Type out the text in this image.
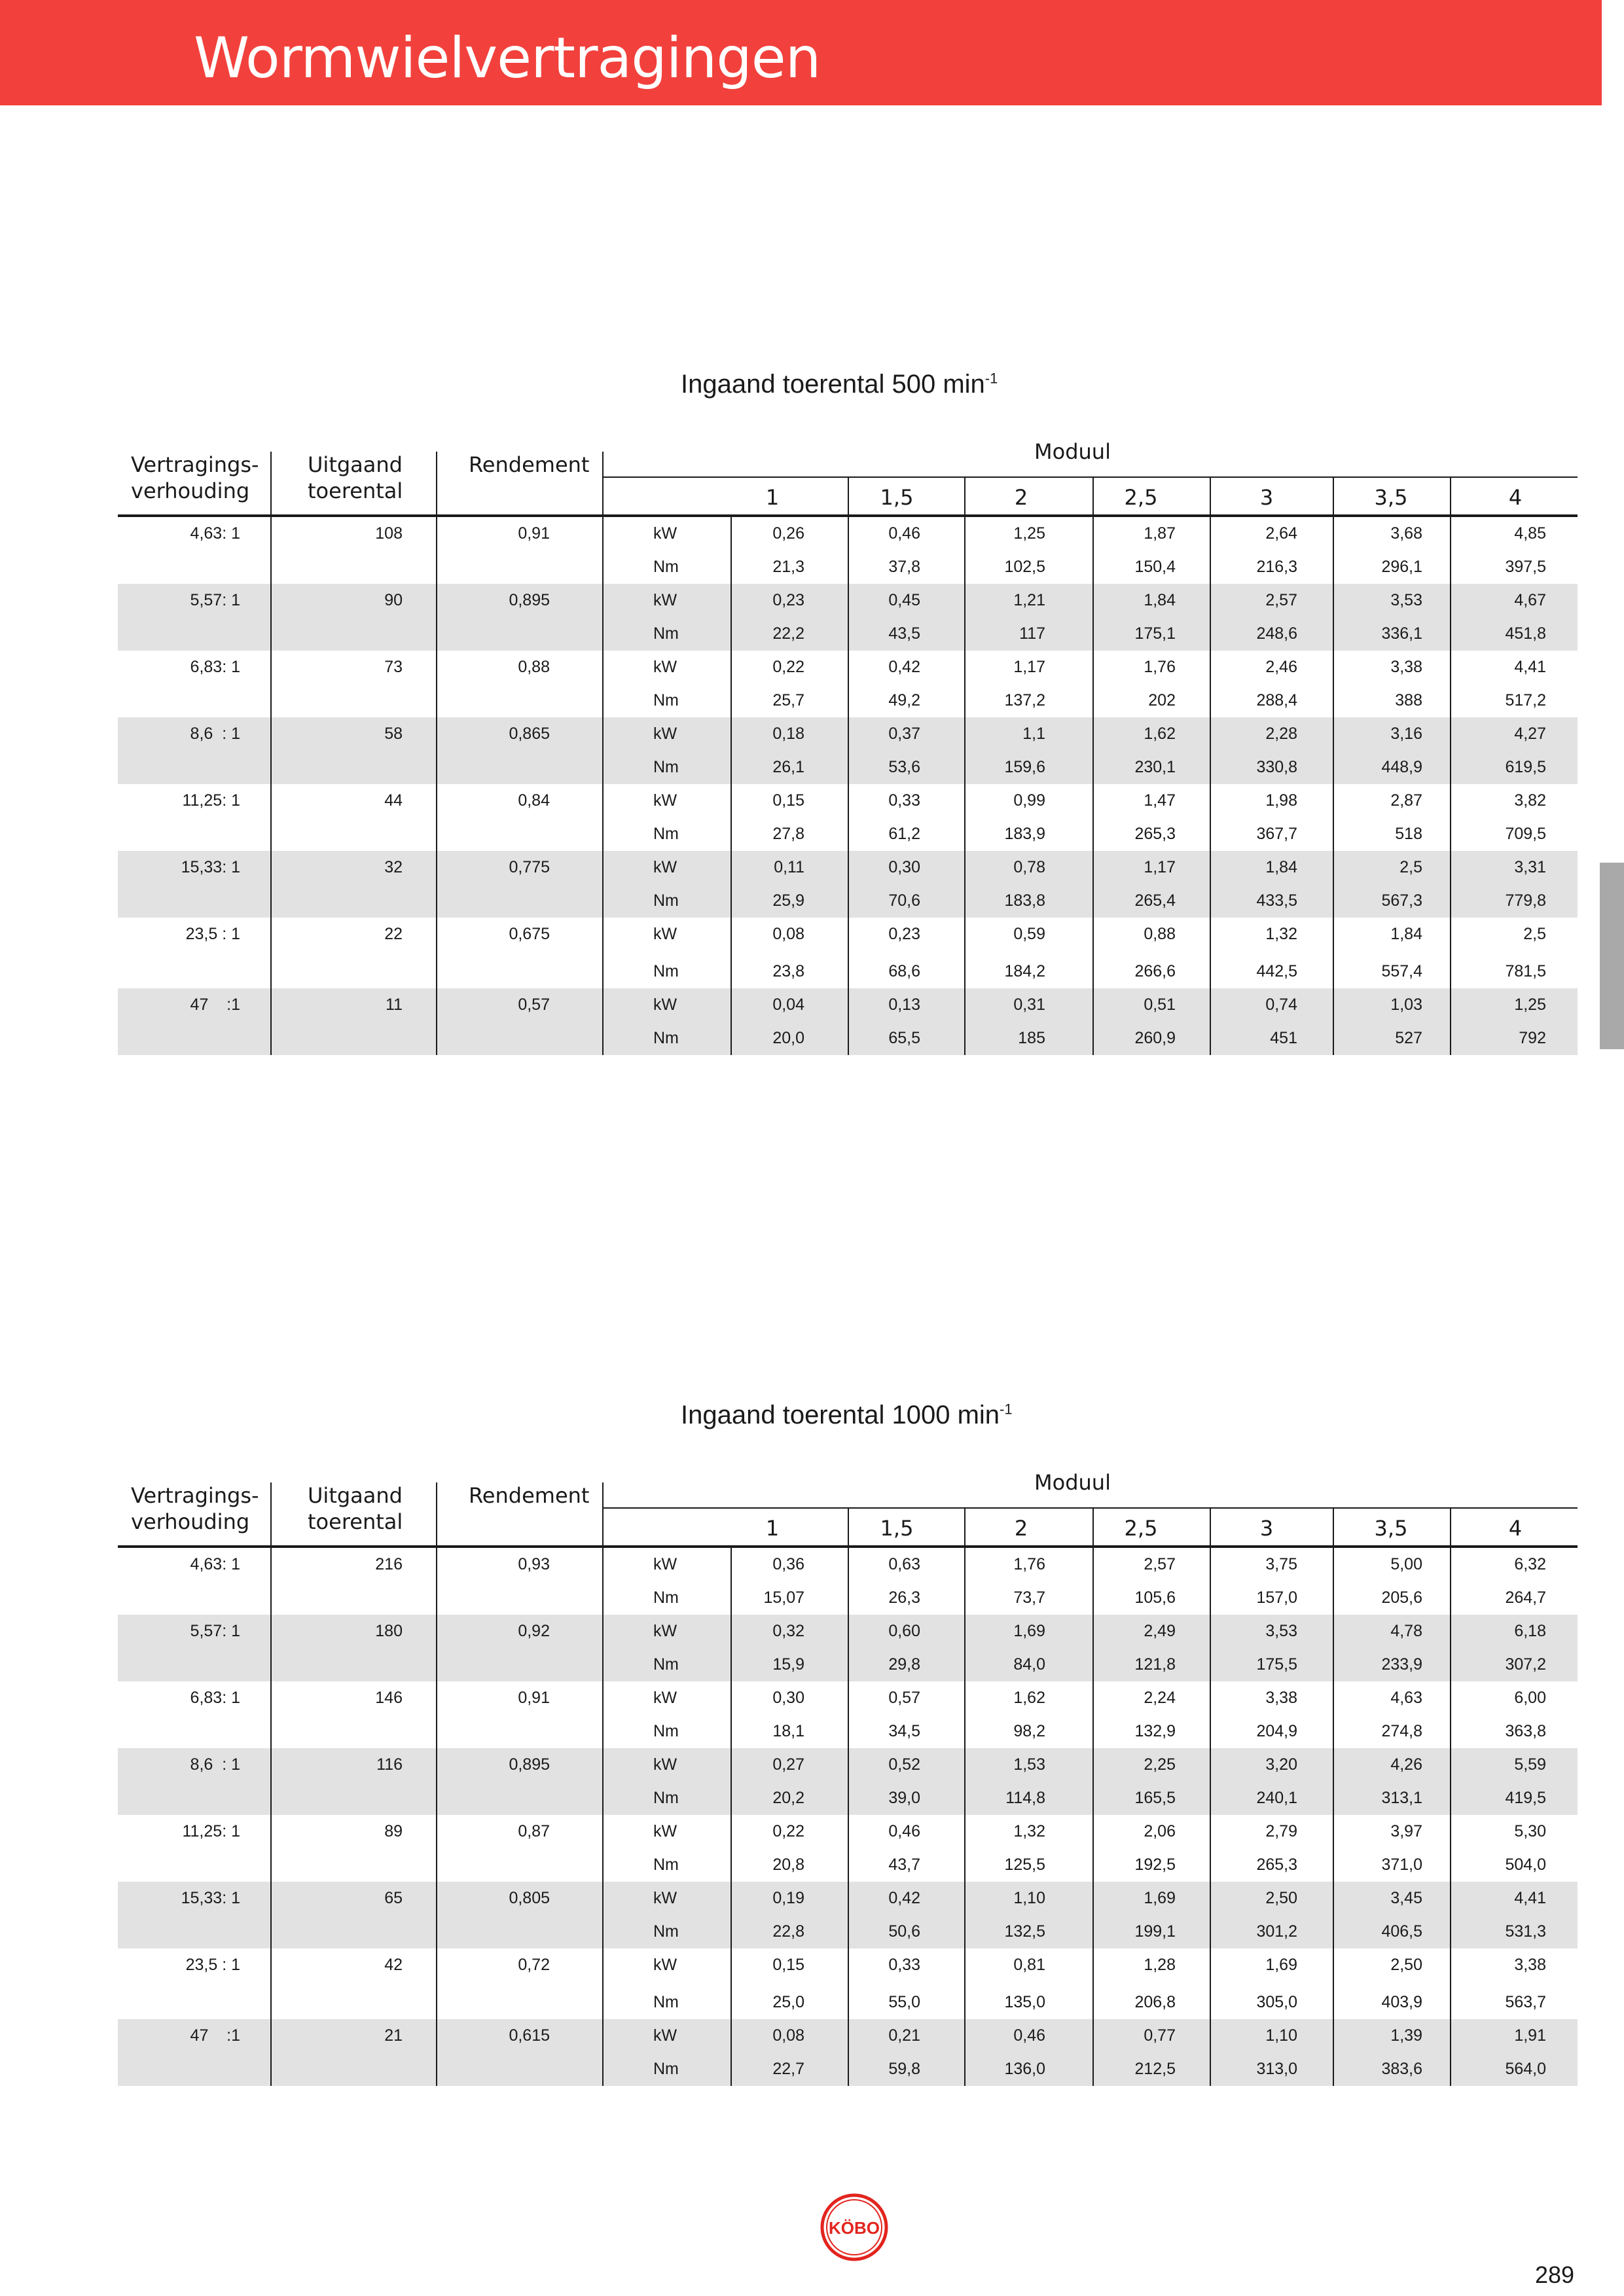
Wormwielvertragingen
Ingaand toerental 500 $\min^{-1}$
Vertragings-
verhouding
Uitgaand
toerental
Rendement
Moduul
1	1,5	2	2,5	3	3,5	4
4,63: 1	108	0,91	kW	0,26	0,46	1,25	1,87	2,64	3,68	4,85
Nm	21,3	37,8	102,5	150,4	216,3	296,1	397,5
5,57: 1	90	0,895	kW	0,23	0,45	1,21	1,84	2,57	3,53	4,67
Nm	22,2	43,5	117	175,1	248,6	336,1	451,8
6,83: 1	73	0,88	kW	0,22	0,42	1,17	1,76	2,46	3,38	4,41
Nm	25,7	49,2	137,2	202	288,4	388	517,2
8,6  : 1	58	0,865	kW	0,18	0,37	1,1	1,62	2,28	3,16	4,27
Nm	26,1	53,6	159,6	230,1	330,8	448,9	619,5
11,25: 1	44	0,84	kW	0,15	0,33	0,99	1,47	1,98	2,87	3,82
Nm	27,8	61,2	183,9	265,3	367,7	518	709,5
15,33: 1	32	0,775	kW	0,11	0,30	0,78	1,17	1,84	2,5	3,31
Nm	25,9	70,6	183,8	265,4	433,5	567,3	779,8
23,5 : 1	22	0,675	kW	0,08	0,23	0,59	0,88	1,32	1,84	2,5
Nm	23,8	68,6	184,2	266,6	442,5	557,4	781,5
47    :1	11	0,57	kW	0,04	0,13	0,31	0,51	0,74	1,03	1,25
Nm	20,0	65,5	185	260,9	451	527	792
Ingaand toerental 1000 $\min^{-1}$
Vertragings-
verhouding
Uitgaand
toerental
Rendement
Moduul
1	1,5	2	2,5	3	3,5	4
4,63: 1	216	0,93	kW	0,36	0,63	1,76	2,57	3,75	5,00	6,32
Nm	15,07	26,3	73,7	105,6	157,0	205,6	264,7
5,57: 1	180	0,92	kW	0,32	0,60	1,69	2,49	3,53	4,78	6,18
Nm	15,9	29,8	84,0	121,8	175,5	233,9	307,2
6,83: 1	146	0,91	kW	0,30	0,57	1,62	2,24	3,38	4,63	6,00
Nm	18,1	34,5	98,2	132,9	204,9	274,8	363,8
8,6  : 1	116	0,895	kW	0,27	0,52	1,53	2,25	3,20	4,26	5,59
Nm	20,2	39,0	114,8	165,5	240,1	313,1	419,5
11,25: 1	89	0,87	kW	0,22	0,46	1,32	2,06	2,79	3,97	5,30
Nm	20,8	43,7	125,5	192,5	265,3	371,0	504,0
15,33: 1	65	0,805	kW	0,19	0,42	1,10	1,69	2,50	3,45	4,41
Nm	22,8	50,6	132,5	199,1	301,2	406,5	531,3
23,5 : 1	42	0,72	kW	0,15	0,33	0,81	1,28	1,69	2,50	3,38
Nm	25,0	55,0	135,0	206,8	305,0	403,9	563,7
47    :1	21	0,615	kW	0,08	0,21	0,46	0,77	1,10	1,39	1,91
Nm	22,7	59,8	136,0	212,5	313,0	383,6	564,0
KÖBO
289
